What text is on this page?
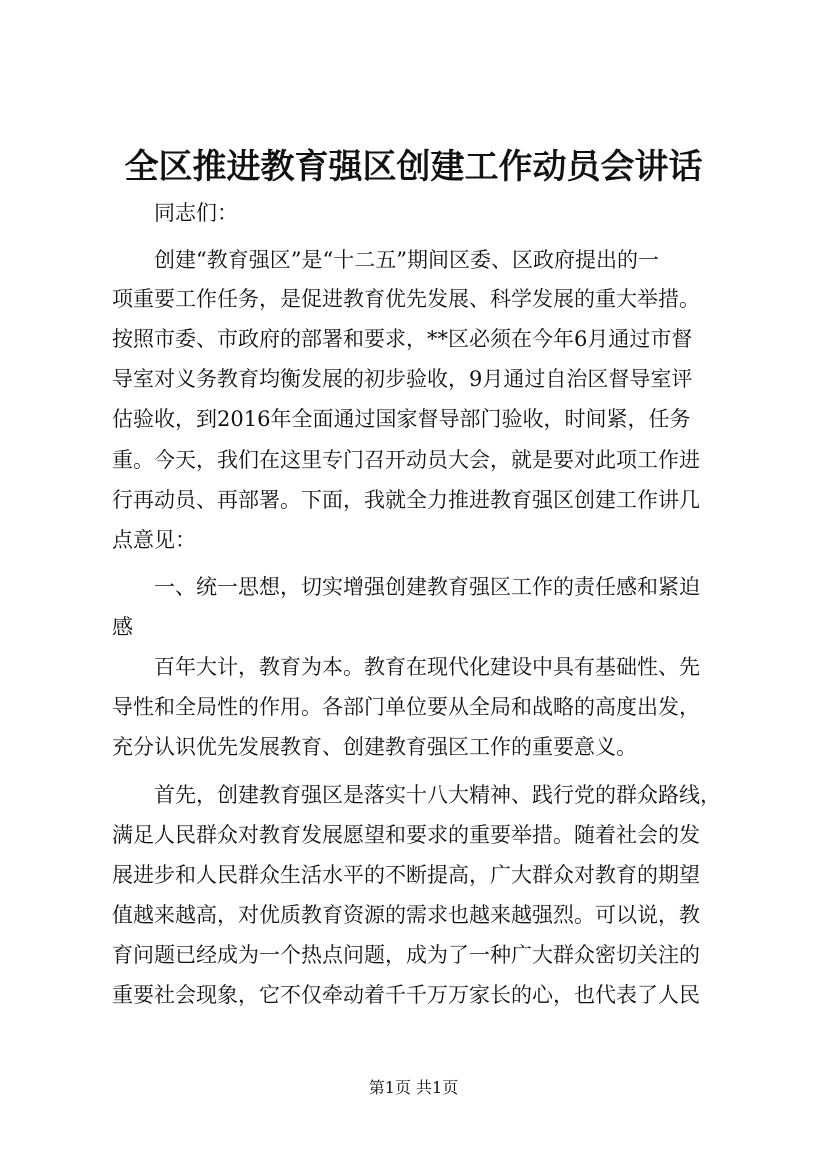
全区推进教育强区创建工作动员会讲话
　　同志们：
　　创建“教育强区”是“十二五”期间区委、区政府提出的一
项重要工作任务，是促进教育优先发展、科学发展的重大举措。
按照市委、市政府的部署和要求，**区必须在今年6月通过市督
导室对义务教育均衡发展的初步验收，9月通过自治区督导室评
估验收，到2016年全面通过国家督导部门验收，时间紧，任务
重。今天，我们在这里专门召开动员大会，就是要对此项工作进
行再动员、再部署。下面，我就全力推进教育强区创建工作讲几
点意见：
　　一、统一思想，切实增强创建教育强区工作的责任感和紧迫
感
　　百年大计，教育为本。教育在现代化建设中具有基础性、先
导性和全局性的作用。各部门单位要从全局和战略的高度出发，
充分认识优先发展教育、创建教育强区工作的重要意义。
　　首先，创建教育强区是落实十八大精神、践行党的群众路线，
满足人民群众对教育发展愿望和要求的重要举措。随着社会的发
展进步和人民群众生活水平的不断提高，广大群众对教育的期望
值越来越高，对优质教育资源的需求也越来越强烈。可以说，教
育问题已经成为一个热点问题，成为了一种广大群众密切关注的
重要社会现象，它不仅牵动着千千万万家长的心，也代表了人民
第1页 共1页
